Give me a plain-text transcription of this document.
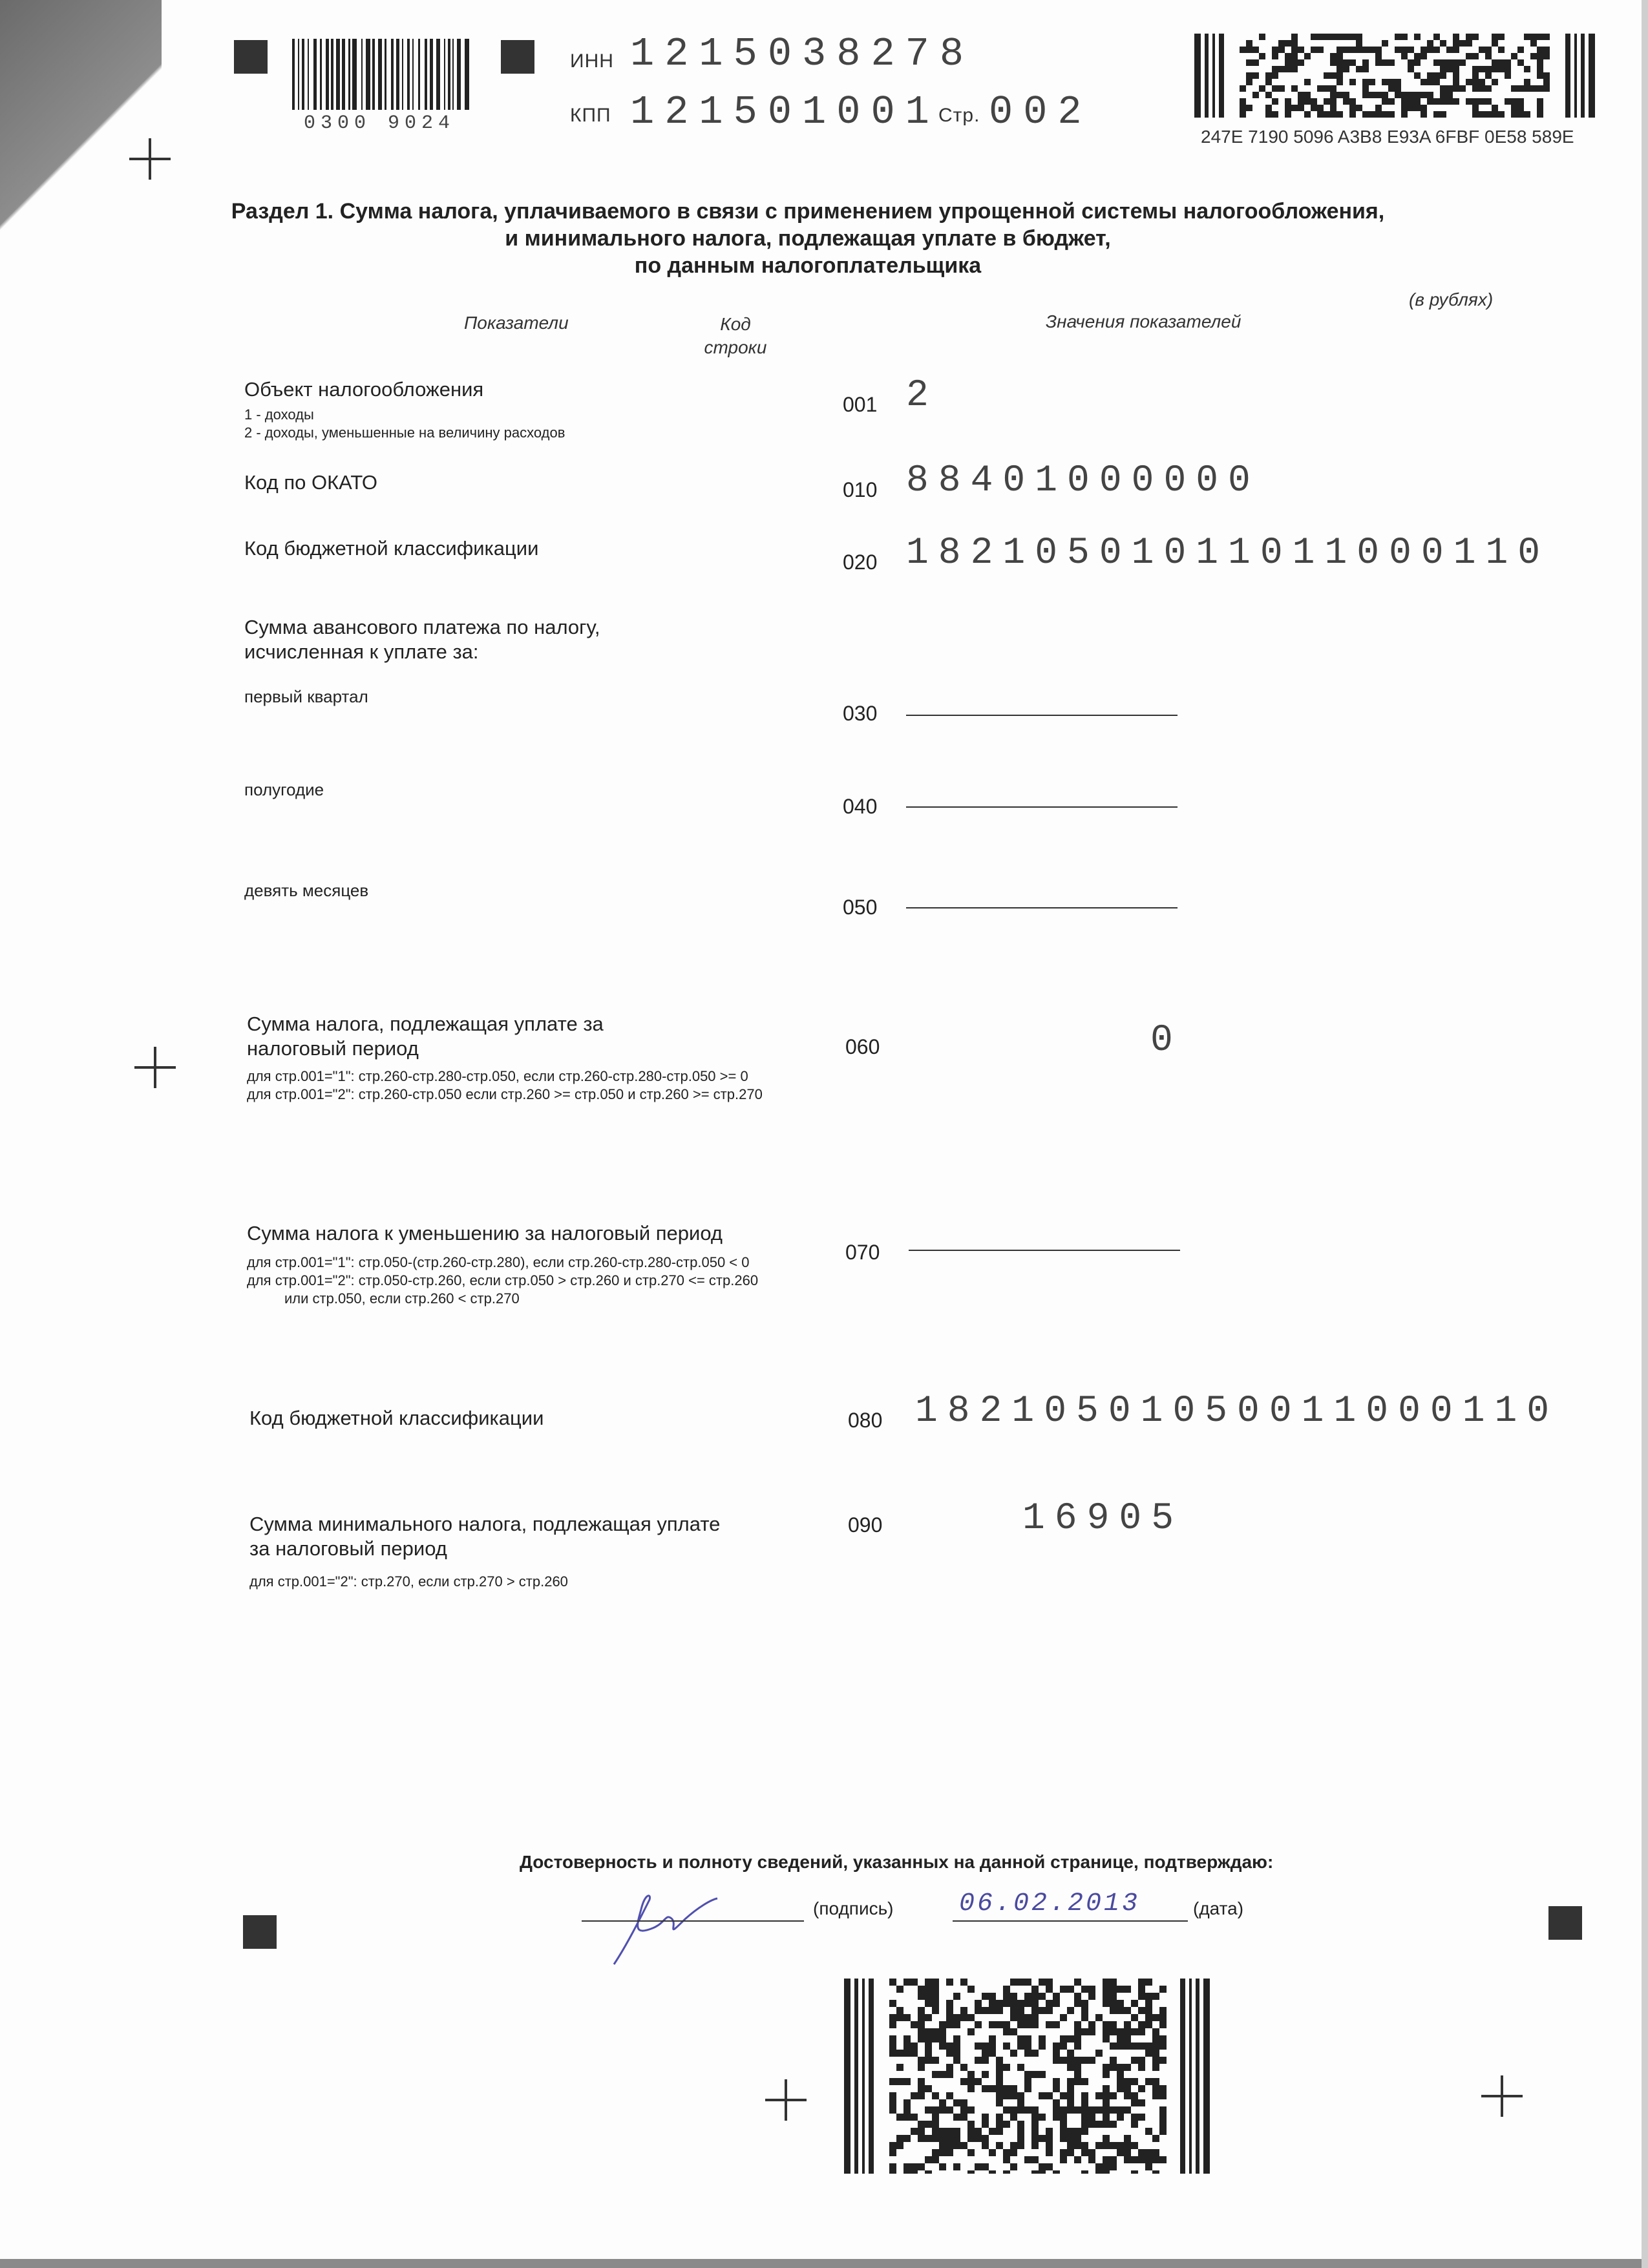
0300 9024
ИНН 1215038278
КПП 121501001
Стр. 002
247E 7190 5096 A3B8 E93A 6FBF 0E58 589E
Раздел 1. Сумма налога, уплачиваемого в связи с применением упрощенной системы налогообложения,
и минимального налога, подлежащая уплате в бюджет,
по данным налогоплательщика
(в рублях)
Показатели	Код
строки
Значения показателей
Объект налогообложения
1 - доходы
2 - доходы, уменьшенные на величину расходов
001 2
Код по ОКАТО	010 88401000000
Код бюджетной классификации
020 18210501011011000110
Сумма авансового платежа по налогу,
исчисленная к уплате за:
первый квартал
030
полугодие
040
девять месяцев
050
Сумма налога, подлежащая уплате за
налоговый период
для стр.001="1": стр.260-стр.280-стр.050, если стр.260-стр.280-стр.050 >= 0
для стр.001="2": стр.260-стр.050 если стр.260 >= стр.050 и стр.260 >= стр.270
060	0
Сумма налога к уменьшению за налоговый период
для стр.001="1": стр.050-(стр.260-стр.280), если стр.260-стр.280-стр.050 < 0
для стр.001="2": стр.050-стр.260, если стр.050 > стр.260 и стр.270 <= стр.260
или стр.050, если стр.260 < стр.270
070
Код бюджетной классификации	080 18210501050011000110
Сумма минимального налога, подлежащая уплате
за налоговый период
для стр.001="2": стр.270, если стр.270 > стр.260
090	16905
Достоверность и полноту сведений, указанных на данной странице, подтверждаю:
(подпись)	06.02.2013	(дата)
